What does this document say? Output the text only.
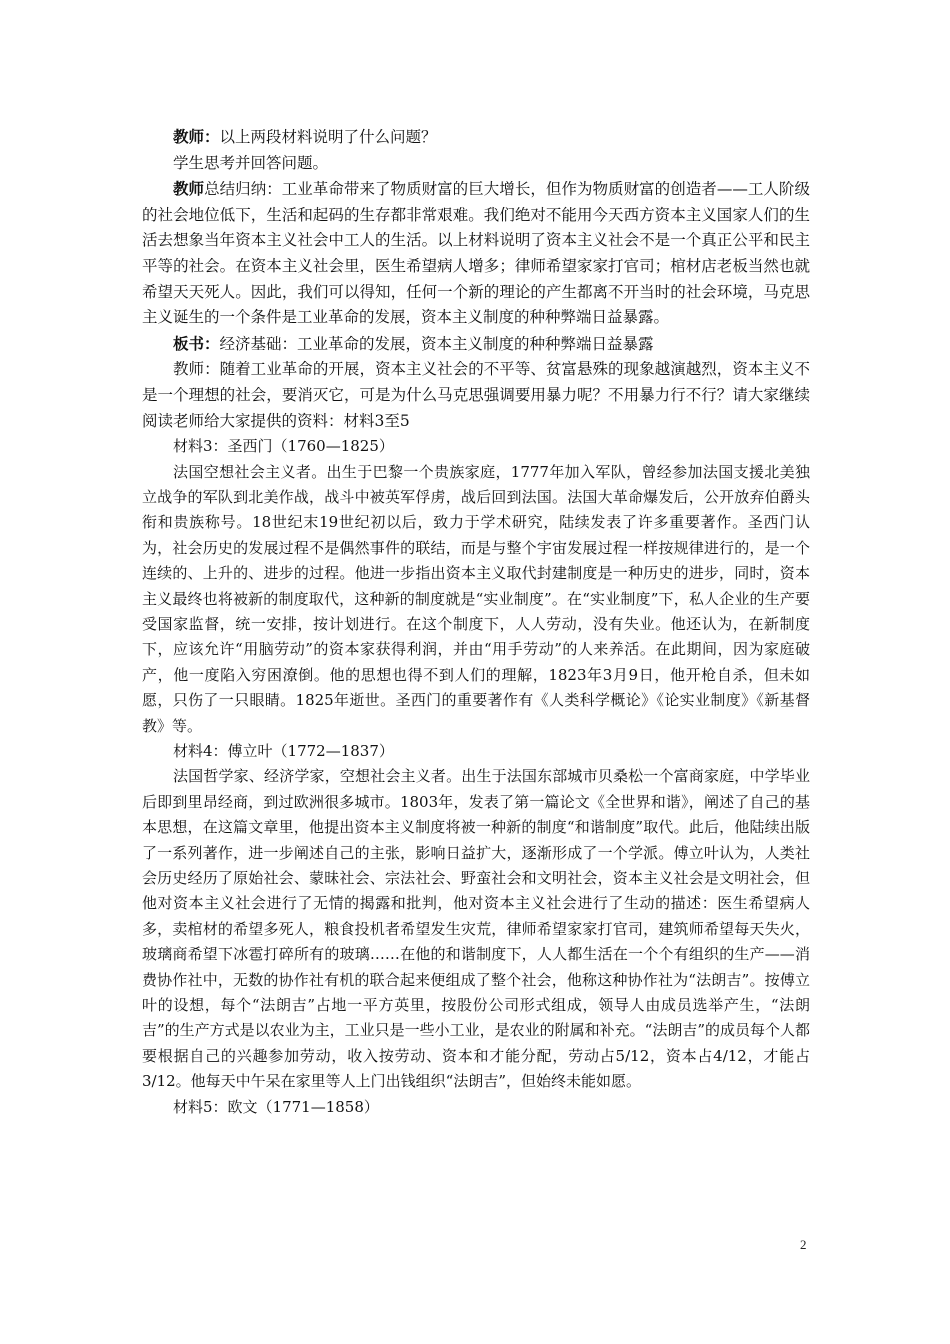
教师：以上两段材料说明了什么问题？

学生思考并回答问题。

教师总结归纳：工业革命带来了物质财富的巨大增长，但作为物质财富的创造者——工人阶级的社会地位低下，生活和起码的生存都非常艰难。我们绝对不能用今天西方资本主义国家人们的生活去想象当年资本主义社会中工人的生活。以上材料说明了资本主义社会不是一个真正公平和民主平等的社会。在资本主义社会里，医生希望病人增多；律师希望家家打官司；棺材店老板当然也就希望天天死人。因此，我们可以得知，任何一个新的理论的产生都离不开当时的社会环境，马克思主义诞生的一个条件是工业革命的发展，资本主义制度的种种弊端日益暴露。

板书：经济基础：工业革命的发展，资本主义制度的种种弊端日益暴露

教师：随着工业革命的开展，资本主义社会的不平等、贫富悬殊的现象越演越烈，资本主义不是一个理想的社会，要消灭它，可是为什么马克思强调要用暴力呢？不用暴力行不行？请大家继续阅读老师给大家提供的资料：材料3至5

材料3：圣西门（1760—1825）

法国空想社会主义者。出生于巴黎一个贵族家庭，1777年加入军队，曾经参加法国支援北美独立战争的军队到北美作战，战斗中被英军俘虏，战后回到法国。法国大革命爆发后，公开放弃伯爵头衔和贵族称号。18世纪末19世纪初以后，致力于学术研究，陆续发表了许多重要著作。圣西门认为，社会历史的发展过程不是偶然事件的联结，而是与整个宇宙发展过程一样按规律进行的，是一个连续的、上升的、进步的过程。他进一步指出资本主义取代封建制度是一种历史的进步，同时，资本主义最终也将被新的制度取代，这种新的制度就是“实业制度”。在“实业制度”下，私人企业的生产要受国家监督，统一安排，按计划进行。在这个制度下，人人劳动，没有失业。他还认为，在新制度下，应该允许“用脑劳动”的资本家获得利润，并由“用手劳动”的人来养活。在此期间，因为家庭破产，他一度陷入穷困潦倒。他的思想也得不到人们的理解，1823年3月9日，他开枪自杀，但未如愿，只伤了一只眼睛。1825年逝世。圣西门的重要著作有《人类科学概论》《论实业制度》《新基督教》等。

材料4：傅立叶（1772—1837）

法国哲学家、经济学家，空想社会主义者。出生于法国东部城市贝桑松一个富商家庭，中学毕业后即到里昂经商，到过欧洲很多城市。1803年，发表了第一篇论文《全世界和谐》，阐述了自己的基本思想，在这篇文章里，他提出资本主义制度将被一种新的制度“和谐制度”取代。此后，他陆续出版了一系列著作，进一步阐述自己的主张，影响日益扩大，逐渐形成了一个学派。傅立叶认为，人类社会历史经历了原始社会、蒙昧社会、宗法社会、野蛮社会和文明社会，资本主义社会是文明社会，但他对资本主义社会进行了无情的揭露和批判，他对资本主义社会进行了生动的描述：医生希望病人多，卖棺材的希望多死人，粮食投机者希望发生灾荒，律师希望家家打官司，建筑师希望每天失火，玻璃商希望下冰雹打碎所有的玻璃……在他的和谐制度下，人人都生活在一个个有组织的生产——消费协作社中，无数的协作社有机的联合起来便组成了整个社会，他称这种协作社为“法朗吉”。按傅立叶的设想，每个“法朗吉”占地一平方英里，按股份公司形式组成，领导人由成员选举产生，“法朗吉”的生产方式是以农业为主，工业只是一些小工业，是农业的附属和补充。“法朗吉”的成员每个人都要根据自己的兴趣参加劳动，收入按劳动、资本和才能分配，劳动占5/12，资本占4/12，才能占3/12。他每天中午呆在家里等人上门出钱组织“法朗吉”，但始终未能如愿。

材料5：欧文（1771—1858）

2
